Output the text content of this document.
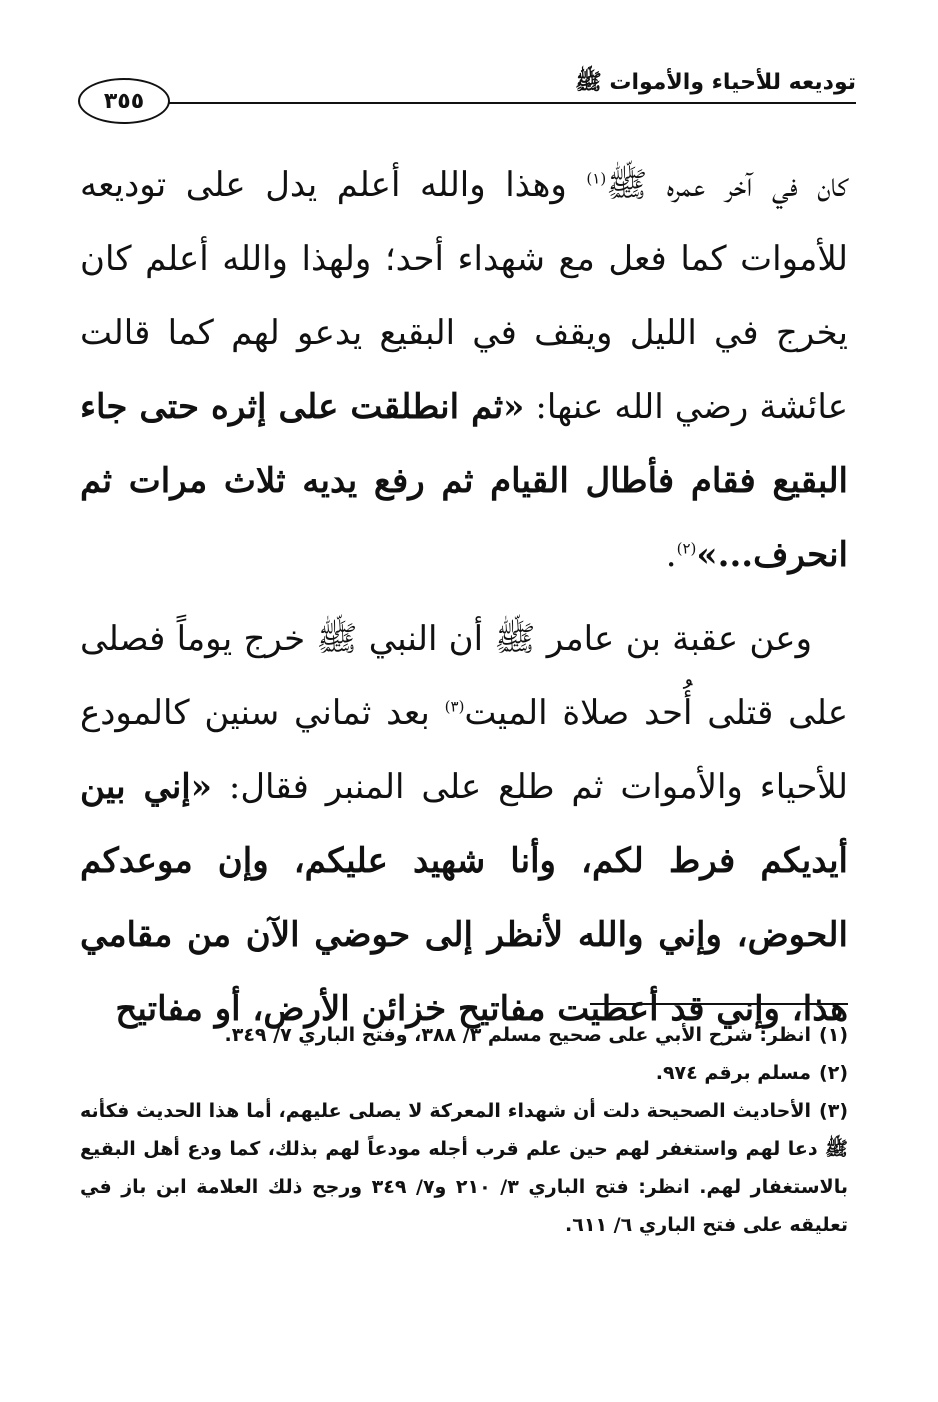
توديعه للأحياء والأموات ﷺ
٣٥٥

كان في آخر عمره ﷺ$^{(١)}$ وهذا والله أعلم يدل على توديعه للأموات كما فعل مع شهداء أحد؛ ولهذا والله أعلم كان يخرج في الليل ويقف في البقيع يدعو لهم كما قالت عائشة رضي الله عنها: «ثم انطلقت على إثره حتى جاء البقيع فقام فأطال القيام ثم رفع يديه ثلاث مرات ثم انحرف...»$^{(٢)}$.

وعن عقبة بن عامر ﷺ أن النبي ﷺ خرج يوماً فصلى على قتلى أُحد صلاة الميت$^{(٣)}$ بعد ثماني سنين كالمودع للأحياء والأموات ثم طلع على المنبر فقال: «إني بين أيديكم فرط لكم، وأنا شهيد عليكم، وإن موعدكم الحوض، وإني والله لأنظر إلى حوضي الآن من مقامي هذا، وإني قد أعطيت مفاتيح خزائن الأرض، أو مفاتيح

(١)انظر: شرح الأبي على صحيح مسلم ٣/ ٣٨٨، وفتح الباري ٧/ ٣٤٩.

(٢)مسلم برقم ٩٧٤.

(٣)الأحاديث الصحيحة دلت أن شهداء المعركة لا يصلى عليهم، أما هذا الحديث فكأنه ﷺ دعا لهم واستغفر لهم حين علم قرب أجله مودعاً لهم بذلك، كما ودع أهل البقيع بالاستغفار لهم. انظر: فتح الباري ٣/ ٢١٠ و٧/ ٣٤٩ ورجح ذلك العلامة ابن باز في تعليقه على فتح الباري ٦/ ٦١١.
